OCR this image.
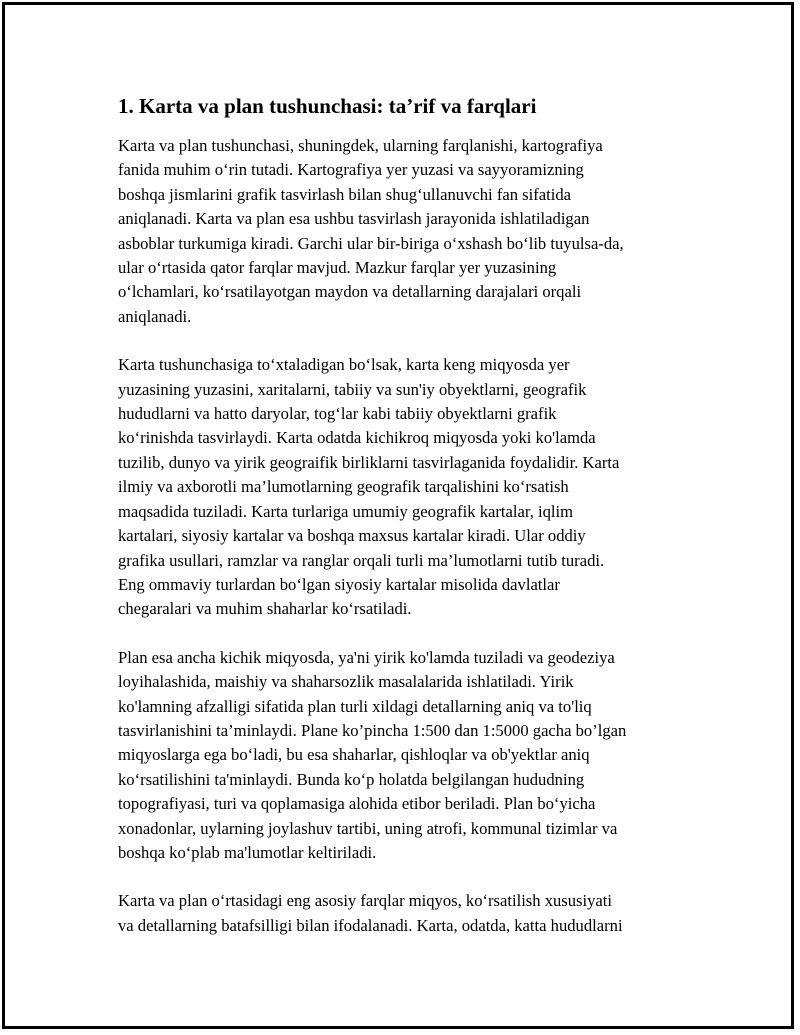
1. Karta va plan tushunchasi: ta’rif va farqlari

Karta va plan tushunchasi, shuningdek, ularning farqlanishi, kartografiya
fanida muhim o‘rin tutadi. Kartografiya yer yuzasi va sayyoramizning
boshqa jismlarini grafik tasvirlash bilan shug‘ullanuvchi fan sifatida
aniqlanadi. Karta va plan esa ushbu tasvirlash jarayonida ishlatiladigan
asboblar turkumiga kiradi. Garchi ular bir-biriga o‘xshash bo‘lib tuyulsa-da,
ular o‘rtasida qator farqlar mavjud. Mazkur farqlar yer yuzasining
o‘lchamlari, ko‘rsatilayotgan maydon va detallarning darajalari orqali
aniqlanadi.

Karta tushunchasiga to‘xtaladigan bo‘lsak, karta keng miqyosda yer
yuzasining yuzasini, xaritalarni, tabiiy va sun'iy obyektlarni, geografik
hududlarni va hatto daryolar, tog‘lar kabi tabiiy obyektlarni grafik
ko‘rinishda tasvirlaydi. Karta odatda kichikroq miqyosda yoki ko'lamda
tuzilib, dunyo va yirik geograifik birliklarni tasvirlaganida foydalidir. Karta
ilmiy va axborotli ma’lumotlarning geografik tarqalishini ko‘rsatish
maqsadida tuziladi. Karta turlariga umumiy geografik kartalar, iqlim
kartalari, siyosiy kartalar va boshqa maxsus kartalar kiradi. Ular oddiy
grafika usullari, ramzlar va ranglar orqali turli ma’lumotlarni tutib turadi.
Eng ommaviy turlardan bo‘lgan siyosiy kartalar misolida davlatlar
chegaralari va muhim shaharlar ko‘rsatiladi.

Plan esa ancha kichik miqyosda, ya'ni yirik ko'lamda tuziladi va geodeziya
loyihalashida, maishiy va shaharsozlik masalalarida ishlatiladi. Yirik
ko'lamning afzalligi sifatida plan turli xildagi detallarning aniq va to'liq
tasvirlanishini ta’minlaydi. Plane ko’pincha 1:500 dan 1:5000 gacha bo’lgan
miqyoslarga ega bo‘ladi, bu esa shaharlar, qishloqlar va ob'yektlar aniq
ko‘rsatilishini ta'minlaydi. Bunda ko‘p holatda belgilangan hududning
topografiyasi, turi va qoplamasiga alohida etibor beriladi. Plan bo‘yicha
xonadonlar, uylarning joylashuv tartibi, uning atrofi, kommunal tizimlar va
boshqa ko‘plab ma'lumotlar keltiriladi.

Karta va plan o‘rtasidagi eng asosiy farqlar miqyos, ko‘rsatilish xususiyati
va detallarning batafsilligi bilan ifodalanadi. Karta, odatda, katta hududlarni
